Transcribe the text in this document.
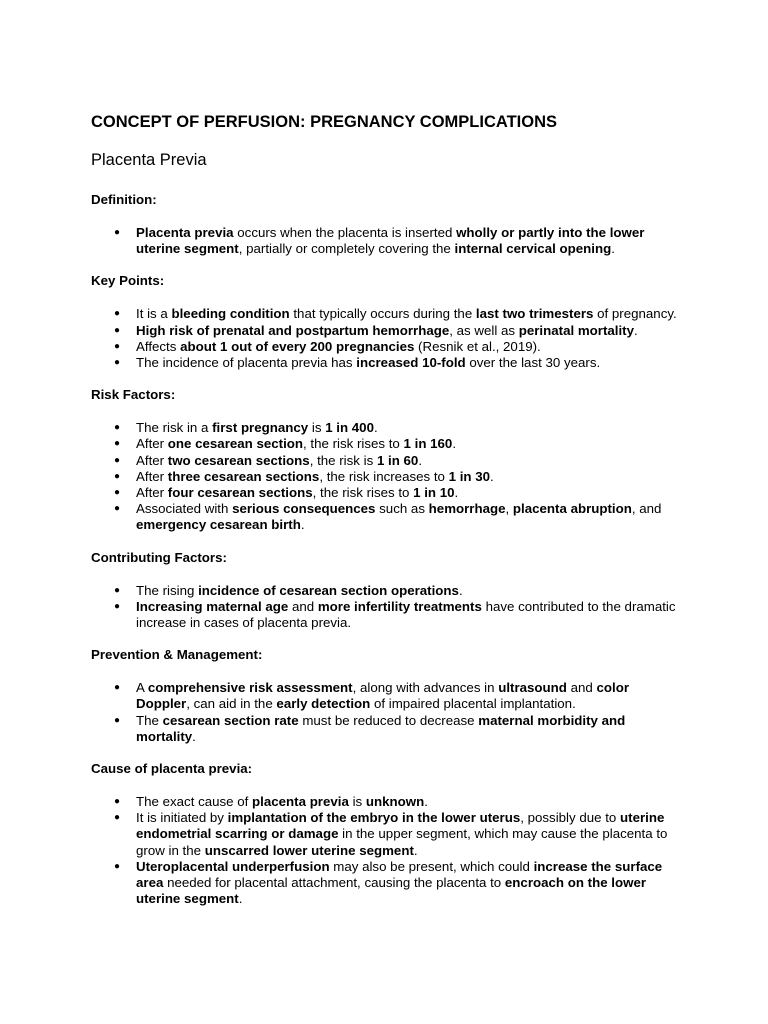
CONCEPT OF PERFUSION: PREGNANCY COMPLICATIONS
Placenta Previa
Definition:
● Placenta previa occurs when the placenta is inserted wholly or partly into the lower uterine segment, partially or completely covering the internal cervical opening.
Key Points:
● It is a bleeding condition that typically occurs during the last two trimesters of pregnancy.
● High risk of prenatal and postpartum hemorrhage, as well as perinatal mortality.
● Affects about 1 out of every 200 pregnancies (Resnik et al., 2019).
● The incidence of placenta previa has increased 10-fold over the last 30 years.
Risk Factors:
● The risk in a first pregnancy is 1 in 400.
● After one cesarean section, the risk rises to 1 in 160.
● After two cesarean sections, the risk is 1 in 60.
● After three cesarean sections, the risk increases to 1 in 30.
● After four cesarean sections, the risk rises to 1 in 10.
● Associated with serious consequences such as hemorrhage, placenta abruption, and emergency cesarean birth.
Contributing Factors:
● The rising incidence of cesarean section operations.
● Increasing maternal age and more infertility treatments have contributed to the dramatic increase in cases of placenta previa.
Prevention & Management:
● A comprehensive risk assessment, along with advances in ultrasound and color Doppler, can aid in the early detection of impaired placental implantation.
● The cesarean section rate must be reduced to decrease maternal morbidity and mortality.
Cause of placenta previa:
● The exact cause of placenta previa is unknown.
● It is initiated by implantation of the embryo in the lower uterus, possibly due to uterine endometrial scarring or damage in the upper segment, which may cause the placenta to grow in the unscarred lower uterine segment.
● Uteroplacental underperfusion may also be present, which could increase the surface area needed for placental attachment, causing the placenta to encroach on the lower uterine segment.
